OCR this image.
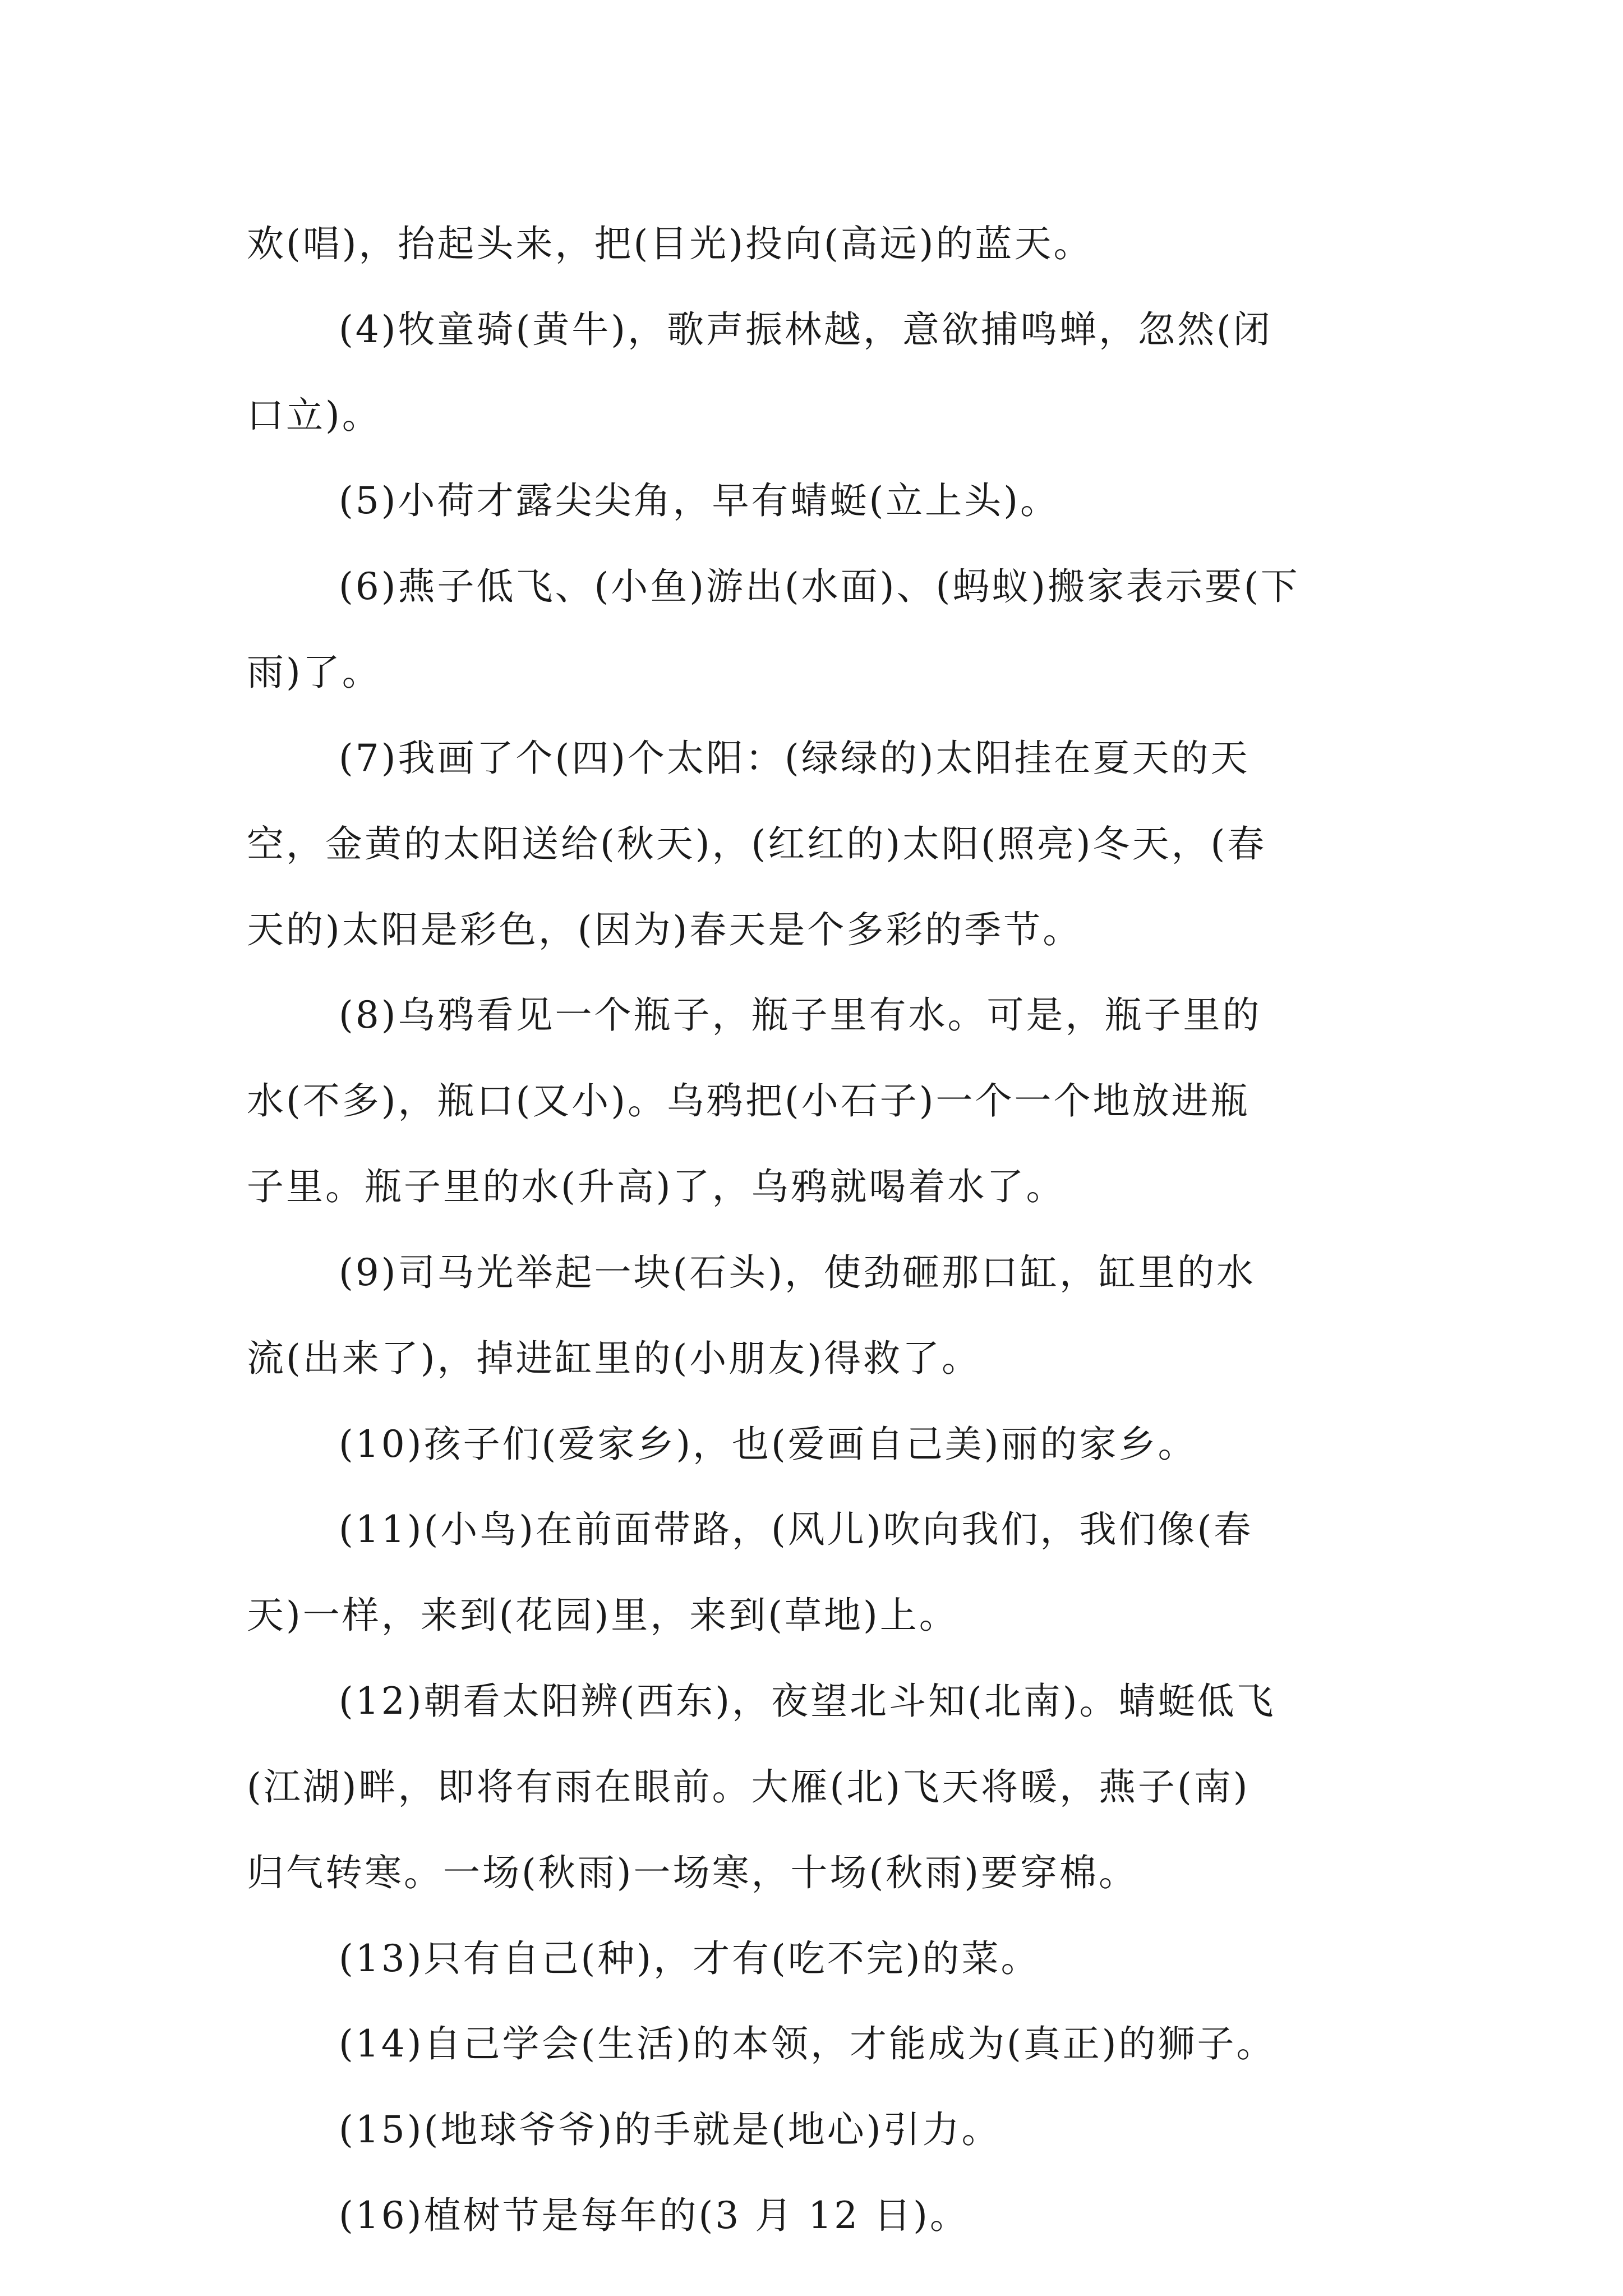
欢(唱)，抬起头来，把(目光)投向(高远)的蓝天。
(4)牧童骑(黄牛)，歌声振林越，意欲捕鸣蝉，忽然(闭
口立)。
(5)小荷才露尖尖角，早有蜻蜓(立上头)。
(6)燕子低飞、(小鱼)游出(水面)、(蚂蚁)搬家表示要(下
雨)了。
(7)我画了个(四)个太阳：(绿绿的)太阳挂在夏天的天
空，金黄的太阳送给(秋天)，(红红的)太阳(照亮)冬天，(春
天的)太阳是彩色，(因为)春天是个多彩的季节。
(8)乌鸦看见一个瓶子，瓶子里有水。可是，瓶子里的
水(不多)，瓶口(又小)。乌鸦把(小石子)一个一个地放进瓶
子里。瓶子里的水(升高)了，乌鸦就喝着水了。
(9)司马光举起一块(石头)，使劲砸那口缸，缸里的水
流(出来了)，掉进缸里的(小朋友)得救了。
(10)孩子们(爱家乡)，也(爱画自己美)丽的家乡。
(11)(小鸟)在前面带路，(风儿)吹向我们，我们像(春
天)一样，来到(花园)里，来到(草地)上。
(12)朝看太阳辨(西东)，夜望北斗知(北南)。蜻蜓低飞
(江湖)畔，即将有雨在眼前。大雁(北)飞天将暖，燕子(南)
归气转寒。一场(秋雨)一场寒，十场(秋雨)要穿棉。
(13)只有自己(种)，才有(吃不完)的菜。
(14)自己学会(生活)的本领，才能成为(真正)的狮子。
(15)(地球爷爷)的手就是(地心)引力。
(16)植树节是每年的(3 月 12 日)。
